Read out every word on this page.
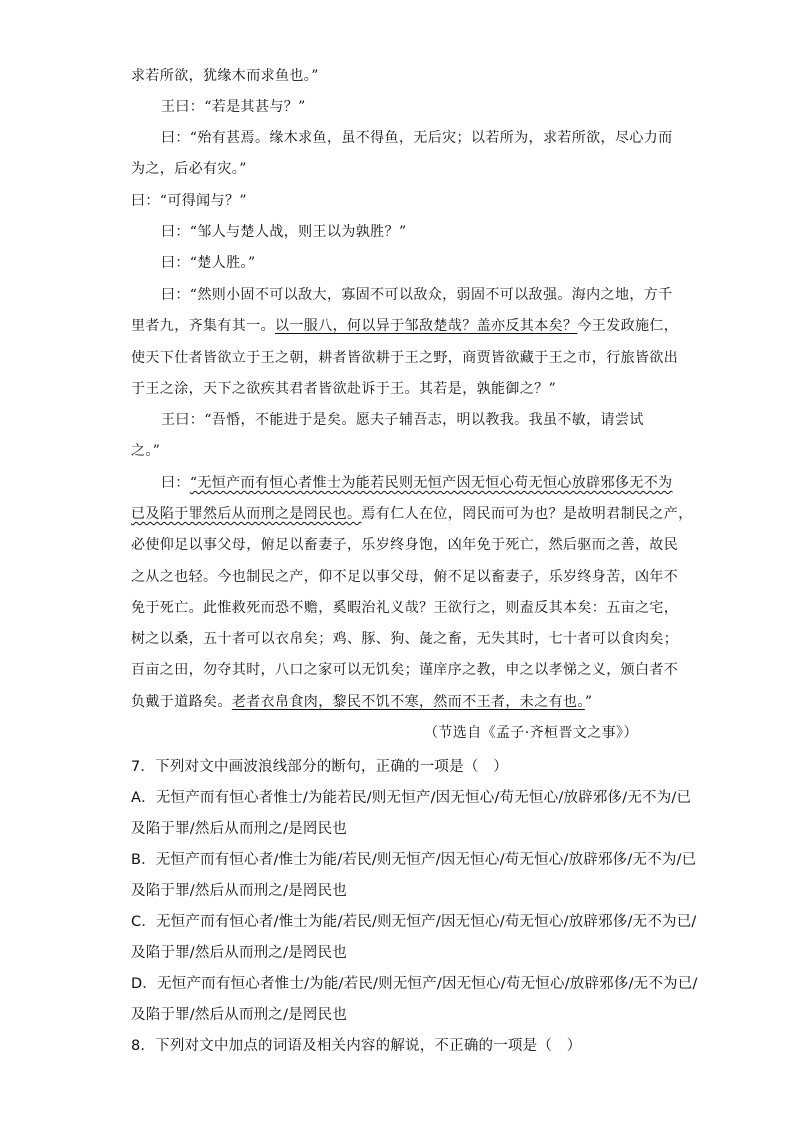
求若所欲，犹缘木而求鱼也。”
王曰：“若是其甚与？”
曰：“殆有甚焉。缘木求鱼，虽不得鱼，无后灾；以若所为，求若所欲，尽心力而
为之，后必有灾。”
曰：“可得闻与？”
曰：“邹人与楚人战，则王以为孰胜？”
曰：“楚人胜。”
曰：“然则小固不可以敌大，寡固不可以敌众，弱固不可以敌强。海内之地，方千
里者九，齐集有其一。以一服八，何以异于邹敌楚哉？盖亦反其本矣？今王发政施仁，
使天下仕者皆欲立于王之朝，耕者皆欲耕于王之野，商贾皆欲藏于王之市，行旅皆欲出
于王之涂，天下之欲疾其君者皆欲赴诉于王。其若是，孰能御之？”
王曰：“吾惛，不能进于是矣。愿夫子辅吾志，明以教我。我虽不敏，请尝试
之。”
曰：“无恒产而有恒心者惟士为能若民则无恒产因无恒心苟无恒心放辟邪侈无不为
已及陷于罪然后从而刑之是罔民也。焉有仁人在位，罔民而可为也？是故明君制民之产，
必使仰足以事父母，俯足以畜妻子，乐岁终身饱，凶年免于死亡，然后驱而之善，故民
之从之也轻。今也制民之产，仰不足以事父母，俯不足以畜妻子，乐岁终身苦，凶年不
免于死亡。此惟救死而恐不赡，奚暇治礼义哉？王欲行之，则盍反其本矣：五亩之宅，
树之以桑，五十者可以衣帛矣；鸡、豚、狗、彘之畜，无失其时，七十者可以食肉矣；
百亩之田，勿夺其时，八口之家可以无饥矣；谨庠序之教，申之以孝悌之义，颁白者不
负戴于道路矣。老者衣帛食肉，黎民不饥不寒，然而不王者，未之有也。”
（节选自《孟子·齐桓晋文之事》）
7．下列对文中画波浪线部分的断句，正确的一项是（　）
A．无恒产而有恒心者惟士/为能若民/则无恒产/因无恒心/苟无恒心/放辟邪侈/无不为/已
及陷于罪/然后从而刑之/是罔民也
B．无恒产而有恒心者/惟士为能/若民/则无恒产/因无恒心/苟无恒心/放辟邪侈/无不为/已
及陷于罪/然后从而刑之/是罔民也
C．无恒产而有恒心者/惟士为能/若民/则无恒产/因无恒心/苟无恒心/放辟邪侈/无不为已/
及陷于罪/然后从而刑之/是罔民也
D．无恒产而有恒心者惟士/为能/若民/则无恒产/因无恒心/苟无恒心/放辟邪侈/无不为已/
及陷于罪/然后从而刑之/是罔民也
8．下列对文中加点的词语及相关内容的解说，不正确的一项是（　）
